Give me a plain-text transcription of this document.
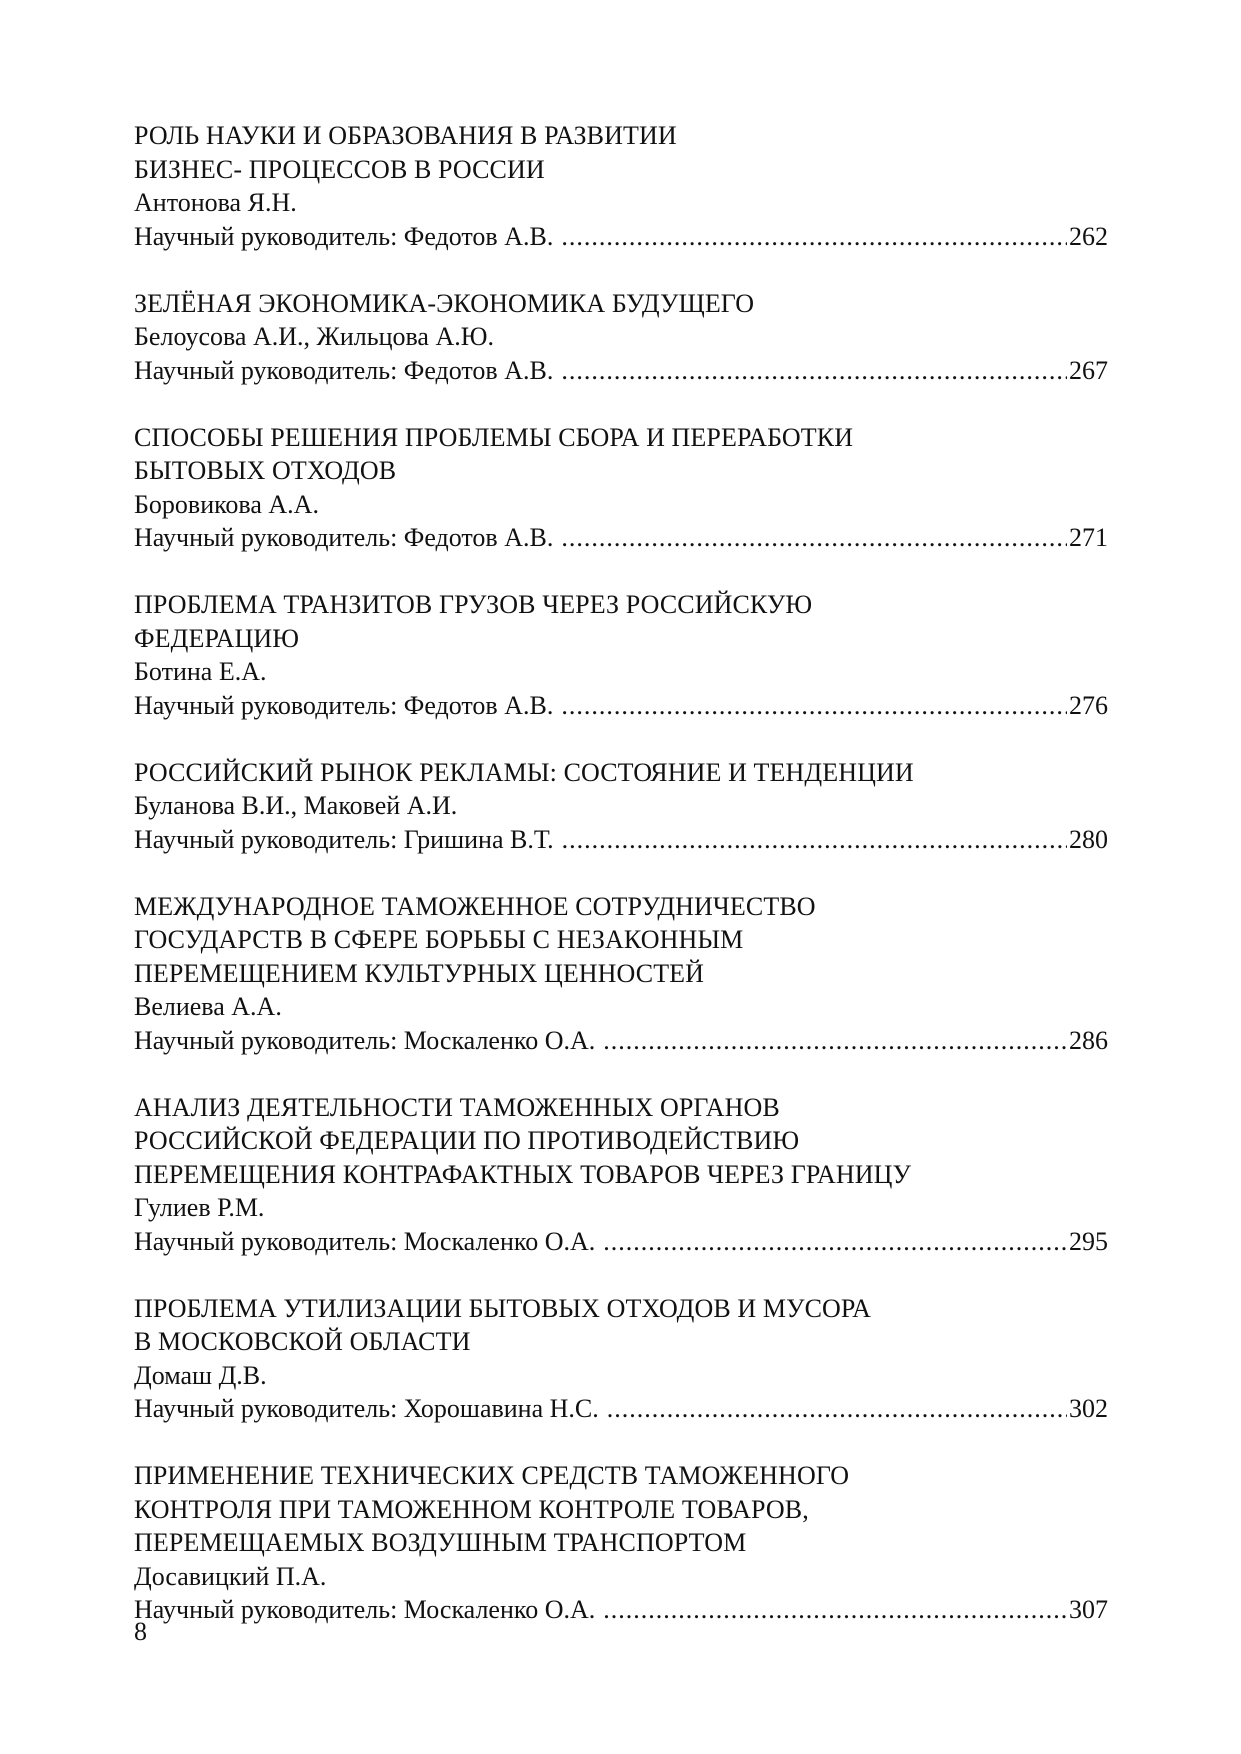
РОЛЬ НАУКИ И ОБРАЗОВАНИЯ В РАЗВИТИИ
БИЗНЕС- ПРОЦЕССОВ В РОССИИ
Антонова Я.Н.
Научный руководитель: Федотов А.В. .....	262
ЗЕЛЁНАЯ ЭКОНОМИКА-ЭКОНОМИКА БУДУЩЕГО
Белоусова А.И., Жильцова А.Ю.
Научный руководитель: Федотов А.В. .....	267
СПОСОБЫ РЕШЕНИЯ ПРОБЛЕМЫ СБОРА И ПЕРЕРАБОТКИ
БЫТОВЫХ ОТХОДОВ
Боровикова А.А.
Научный руководитель: Федотов А.В. .....	271
ПРОБЛЕМА ТРАНЗИТОВ ГРУЗОВ ЧЕРЕЗ РОССИЙСКУЮ
ФЕДЕРАЦИЮ
Ботина Е.А.
Научный руководитель: Федотов А.В. .....	276
РОССИЙСКИЙ РЫНОК РЕКЛАМЫ: СОСТОЯНИЕ И ТЕНДЕНЦИИ
Буланова В.И., Маковей А.И.
Научный руководитель: Гришина В.Т. .....	280
МЕЖДУНАРОДНОЕ ТАМОЖЕННОЕ СОТРУДНИЧЕСТВО
ГОСУДАРСТВ В СФЕРЕ БОРЬБЫ С НЕЗАКОННЫМ
ПЕРЕМЕЩЕНИЕМ КУЛЬТУРНЫХ ЦЕННОСТЕЙ
Велиева А.А.
Научный руководитель: Москаленко О.А. .....	286
АНАЛИЗ ДЕЯТЕЛЬНОСТИ ТАМОЖЕННЫХ ОРГАНОВ
РОССИЙСКОЙ ФЕДЕРАЦИИ ПО ПРОТИВОДЕЙСТВИЮ
ПЕРЕМЕЩЕНИЯ КОНТРАФАКТНЫХ ТОВАРОВ ЧЕРЕЗ ГРАНИЦУ
Гулиев Р.М.
Научный руководитель: Москаленко О.А. .....	295
ПРОБЛЕМА УТИЛИЗАЦИИ БЫТОВЫХ ОТХОДОВ И МУСОРА
В МОСКОВСКОЙ ОБЛАСТИ
Домаш Д.В.
Научный руководитель: Хорошавина Н.С. .....	302
ПРИМЕНЕНИЕ ТЕХНИЧЕСКИХ СРЕДСТВ ТАМОЖЕННОГО
КОНТРОЛЯ ПРИ ТАМОЖЕННОМ КОНТРОЛЕ ТОВАРОВ,
ПЕРЕМЕЩАЕМЫХ ВОЗДУШНЫМ ТРАНСПОРТОМ
Досавицкий П.А.
Научный руководитель: Москаленко О.А. .....	307
8
